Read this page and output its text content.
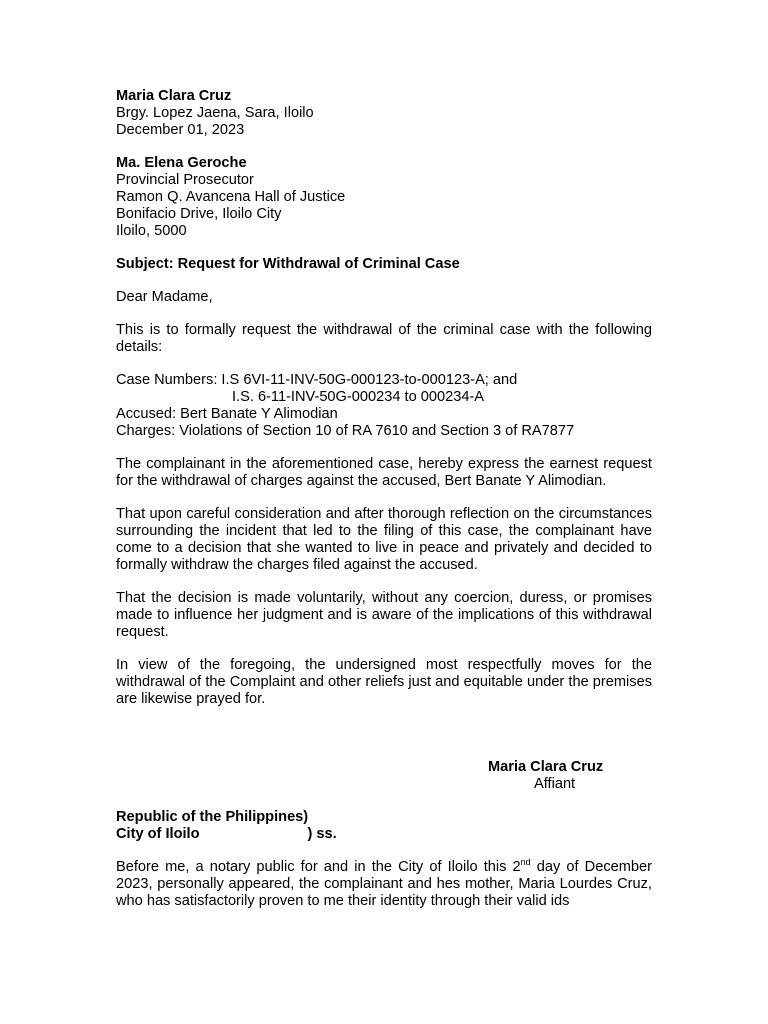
Maria Clara Cruz

Brgy. Lopez Jaena, Sara, Iloilo

December 01, 2023

Ma. Elena Geroche

Provincial Prosecutor

Ramon Q. Avancena Hall of Justice

Bonifacio Drive, Iloilo City

Iloilo, 5000

Subject: Request for Withdrawal of Criminal Case

Dear Madame,

This is to formally request the withdrawal of the criminal case with the following details:

Case Numbers: I.S 6VI-11-INV-50G-000123-to-000123-A; and

I.S. 6-11-INV-50G-000234 to 000234-A

Accused: Bert Banate Y Alimodian

Charges: Violations of Section 10 of RA 7610 and Section 3 of RA7877

The complainant in the aforementioned case, hereby express the earnest request for the withdrawal of charges against the accused, Bert Banate Y Alimodian.

That upon careful consideration and after thorough reflection on the circumstances surrounding the incident that led to the filing of this case, the complainant have come to a decision that she wanted to live in peace and privately and decided to formally withdraw the charges filed against the accused.

That the decision is made voluntarily, without any coercion, duress, or promises made to influence her judgment and is aware of the implications of this withdrawal request.

In view of the foregoing, the undersigned most respectfully moves for the withdrawal of the Complaint and other reliefs just and equitable under the premises are likewise prayed for.

Maria Clara Cruz

Affiant

Republic of the Philippines)

City of Iloilo	) ss.

Before me, a notary public for and in the City of Iloilo this 2nd day of December 2023, personally appeared, the complainant and hes mother, Maria Lourdes Cruz, who has satisfactorily proven to me their identity through their valid ids
